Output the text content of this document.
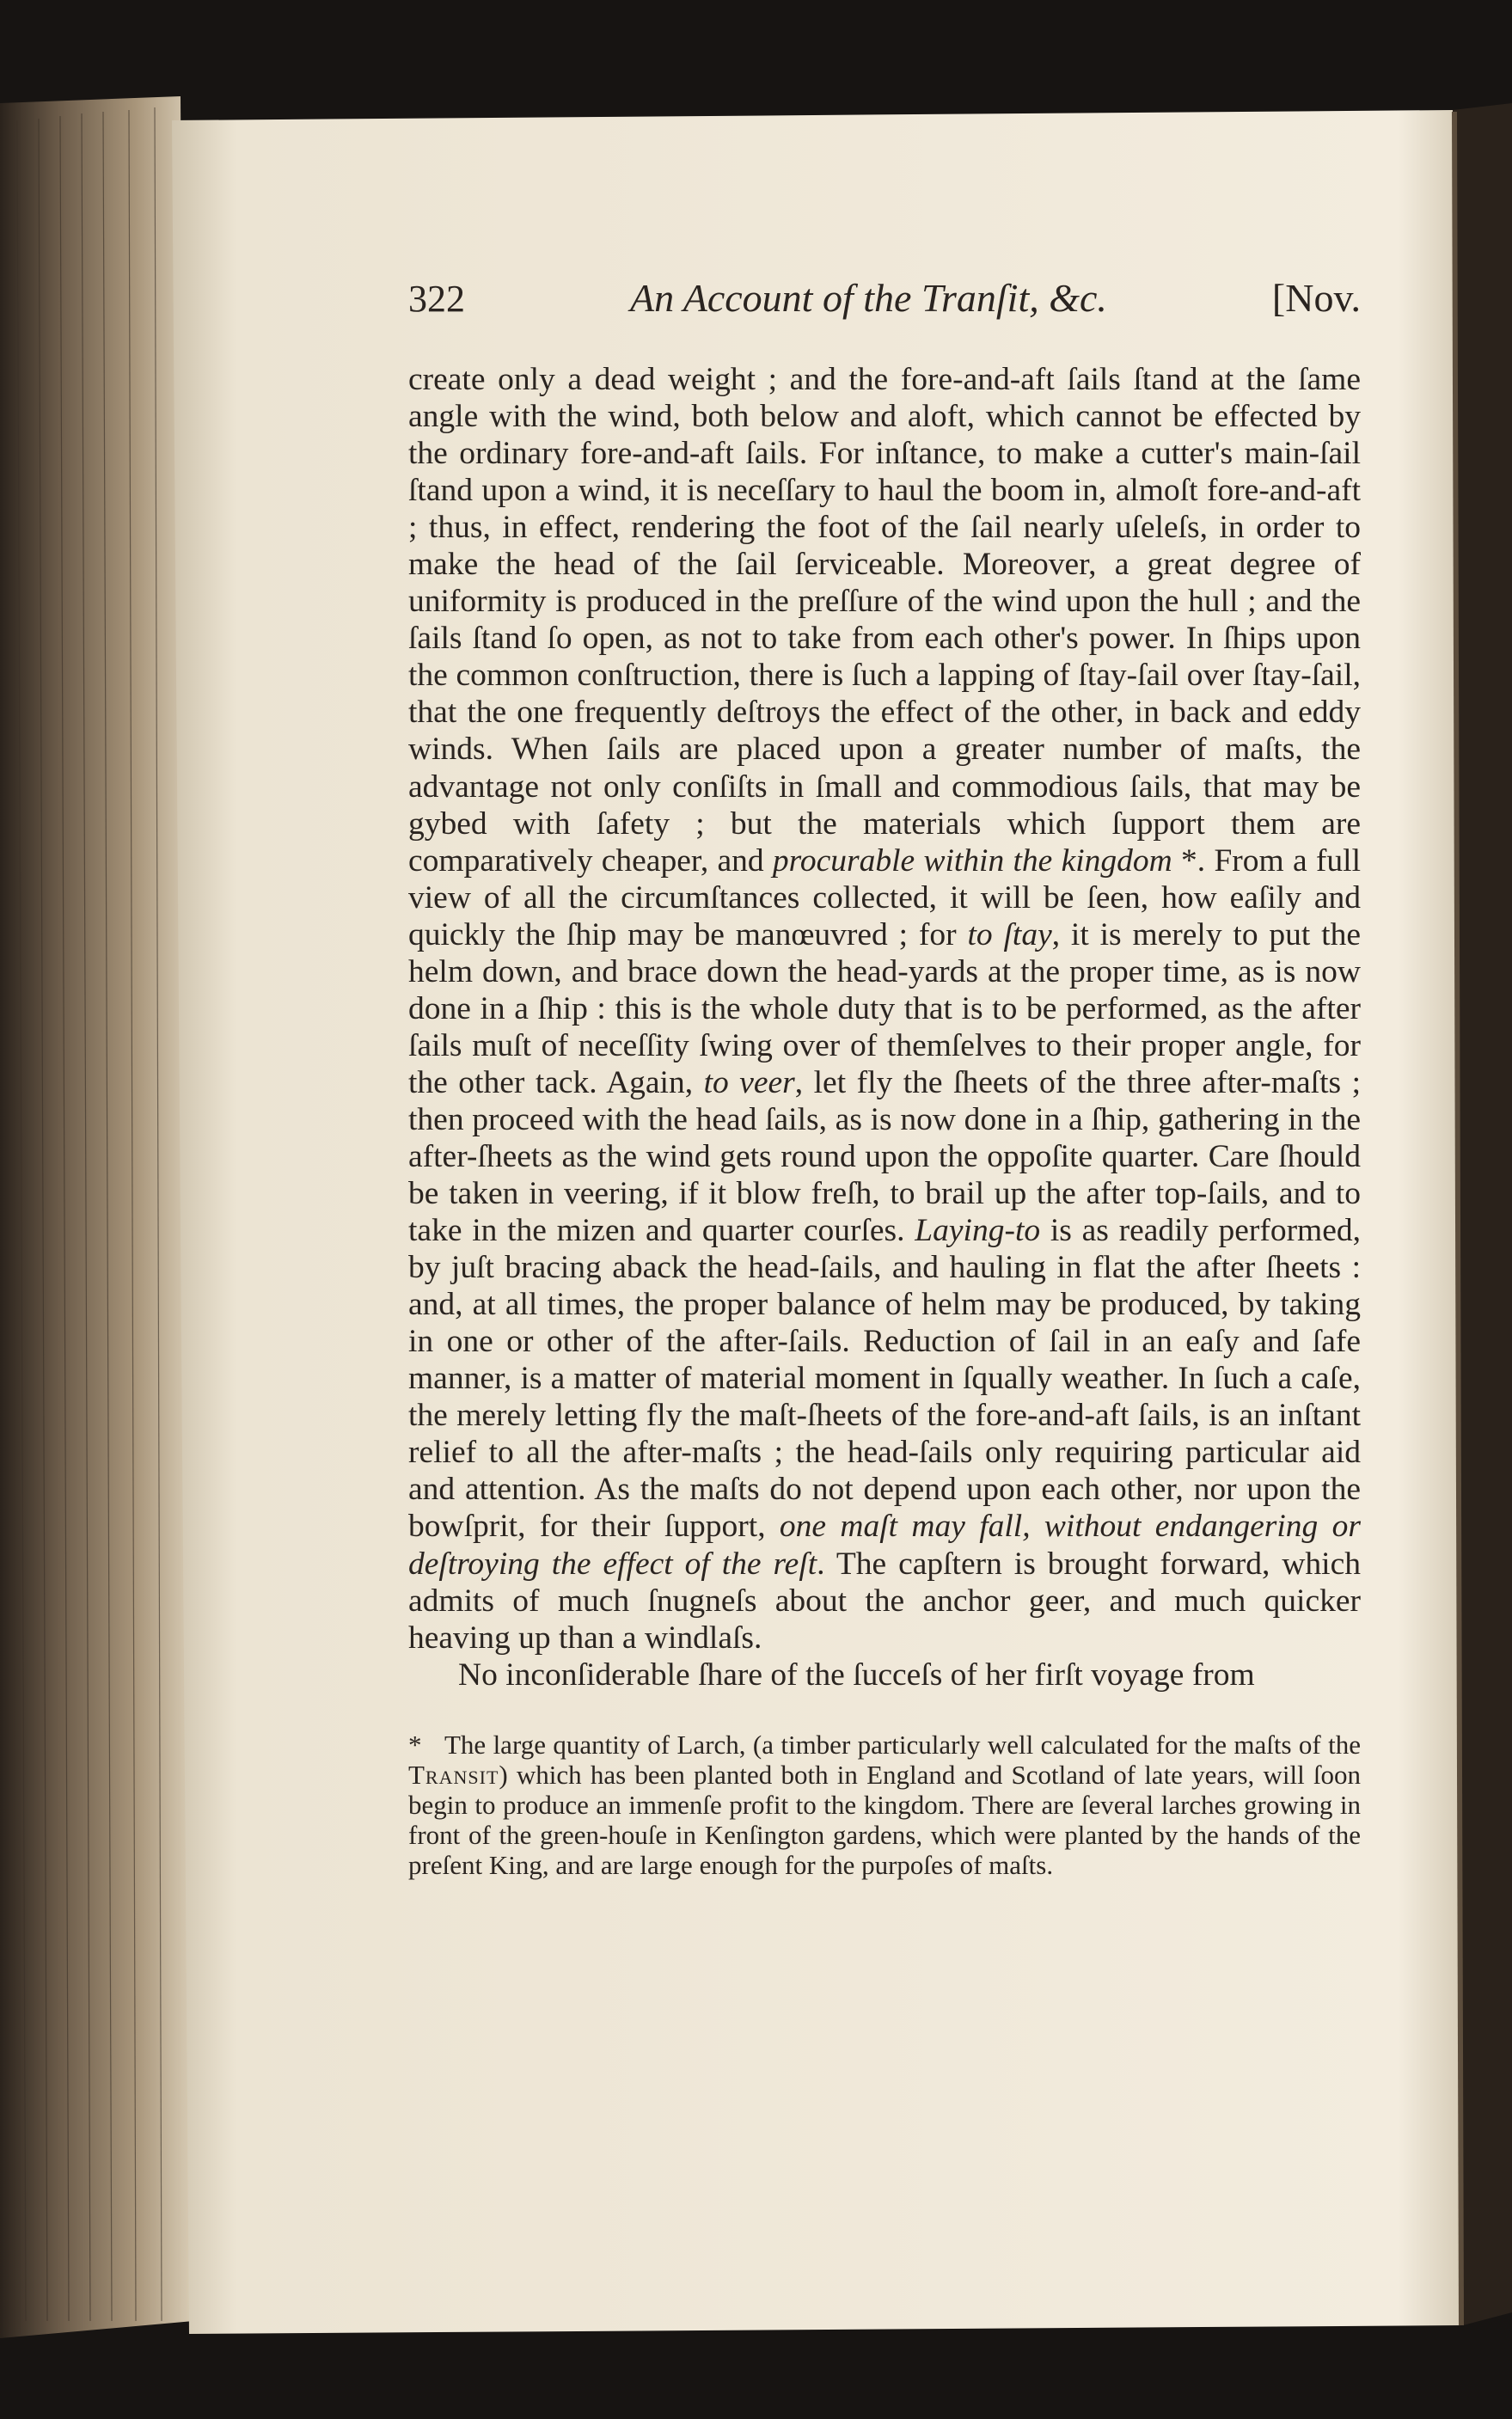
322	An Account of the Tranſit, &c.	[Nov.

create only a dead weight ; and the fore-and-aft ſails ſtand at the ſame angle with the wind, both below and aloft, which cannot be effected by the ordinary fore-and-aft ſails. For inſtance, to make a cutter's main-ſail ſtand upon a wind, it is neceſſary to haul the boom in, almoſt fore-and-aft ; thus, in effect, rendering the foot of the ſail nearly uſeleſs, in order to make the head of the ſail ſerviceable. Moreover, a great degree of uniformity is produced in the preſſure of the wind upon the hull ; and the ſails ſtand ſo open, as not to take from each other's power. In ſhips upon the common conſtruction, there is ſuch a lapping of ſtay-ſail over ſtay-ſail, that the one frequently deſtroys the effect of the other, in back and eddy winds. When ſails are placed upon a greater number of maſts, the advantage not only conſiſts in ſmall and commodious ſails, that may be gybed with ſafety ; but the materials which ſupport them are comparatively cheaper, and procurable within the kingdom *. From a full view of all the circumſtances collected, it will be ſeen, how eaſily and quickly the ſhip may be manœuvred ; for to ſtay, it is merely to put the helm down, and brace down the head-yards at the proper time, as is now done in a ſhip : this is the whole duty that is to be performed, as the after ſails muſt of neceſſity ſwing over of themſelves to their proper angle, for the other tack. Again, to veer, let fly the ſheets of the three after-maſts ; then proceed with the head ſails, as is now done in a ſhip, gathering in the after-ſheets as the wind gets round upon the oppoſite quarter. Care ſhould be taken in veering, if it blow freſh, to brail up the after top-ſails, and to take in the mizen and quarter courſes. Laying-to is as readily performed, by juſt bracing aback the head-ſails, and hauling in flat the after ſheets : and, at all times, the proper balance of helm may be produced, by taking in one or other of the after-ſails. Reduction of ſail in an eaſy and ſafe manner, is a matter of material moment in ſqually weather. In ſuch a caſe, the merely letting fly the maſt-ſheets of the fore-and-aft ſails, is an inſtant relief to all the after-maſts ; the head-ſails only requiring particular aid and attention. As the maſts do not depend upon each other, nor upon the bowſprit, for their ſupport, one maſt may fall, without endangering or deſtroying the effect of the reſt. The capſtern is brought forward, which admits of much ſnugneſs about the anchor geer, and much quicker heaving up than a windlaſs.

No inconſiderable ſhare of the ſucceſs of her firſt voyage from

* The large quantity of Larch, (a timber particularly well calculated for the maſts of the Transit) which has been planted both in England and Scotland of late years, will ſoon begin to produce an immenſe profit to the kingdom. There are ſeveral larches growing in front of the green-houſe in Kenſington gardens, which were planted by the hands of the preſent King, and are large enough for the purpoſes of maſts.
